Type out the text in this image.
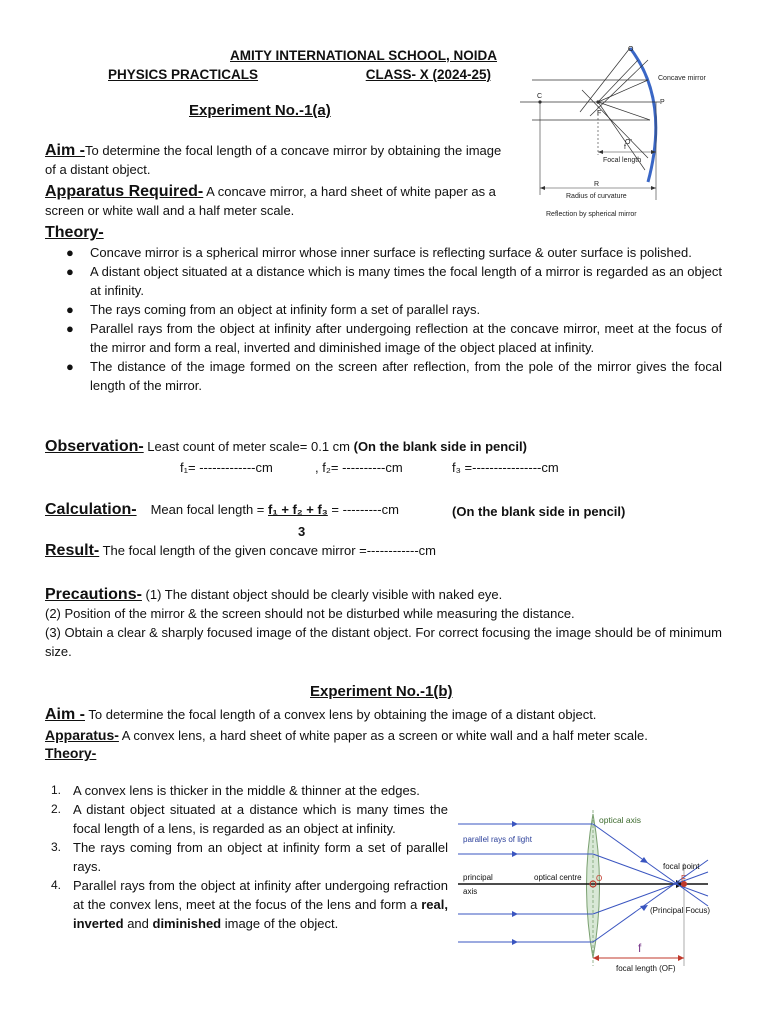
AMITY INTERNATIONAL SCHOOL, NOIDA
PHYSICS PRACTICALS	CLASS- X (2024-25)
Experiment No.-1(a)
Aim -To determine the focal length of a concave mirror by obtaining the image of a distant object.
Apparatus Required- A concave mirror, a hard sheet of white paper as a screen or white wall and a half meter scale.
O
Concave mirror
C
F
P
O'
f
Focal length
R
Radius of curvature
Reflection by spherical mirror
Theory-
● Concave mirror is a spherical mirror whose inner surface is reflecting surface & outer surface is polished.
● A distant object situated at a distance which is many times the focal length of a mirror is regarded as an object at infinity.
● The rays coming from an object at infinity form a set of parallel rays.
● Parallel rays from the object at infinity after undergoing reflection at the concave mirror, meet at the focus of the mirror and form a real, inverted and diminished image of the object placed at infinity.
● The distance of the image formed on the screen after reflection, from the pole of the mirror gives the focal length of the mirror.
Observation- Least count of meter scale= 0.1 cm (On the blank side in pencil)
f₁= -------------cm	, f₂= ----------cm	f₃ =----------------cm
Calculation- Mean focal length = f₁ + f₂ + f₃ = ---------cm	(On the blank side in pencil)
3
Result- The focal length of the given concave mirror =------------cm
Precautions- (1) The distant object should be clearly visible with naked eye.
(2) Position of the mirror & the screen should not be disturbed while measuring the distance.
(3) Obtain a clear & sharply focused image of the distant object. For correct focusing the image should be of minimum size.
Experiment No.-1(b)
Aim - To determine the focal length of a convex lens by obtaining the image of a distant object.
Apparatus- A convex lens, a hard sheet of white paper as a screen or white wall and a half meter scale.
Theory-
1. A convex lens is thicker in the middle & thinner at the edges.
2. A distant object situated at a distance which is many times the focal length of a lens, is regarded as an object at infinity.
3. The rays coming from an object at infinity form a set of parallel rays.
4. Parallel rays from the object at infinity after undergoing refraction at the convex lens, meet at the focus of the lens and form a real, inverted and diminished image of the object.
optical axis
parallel rays of light
principal
axis
optical centre O
focal point
F
(Principal Focus)
f
focal length (OF)
